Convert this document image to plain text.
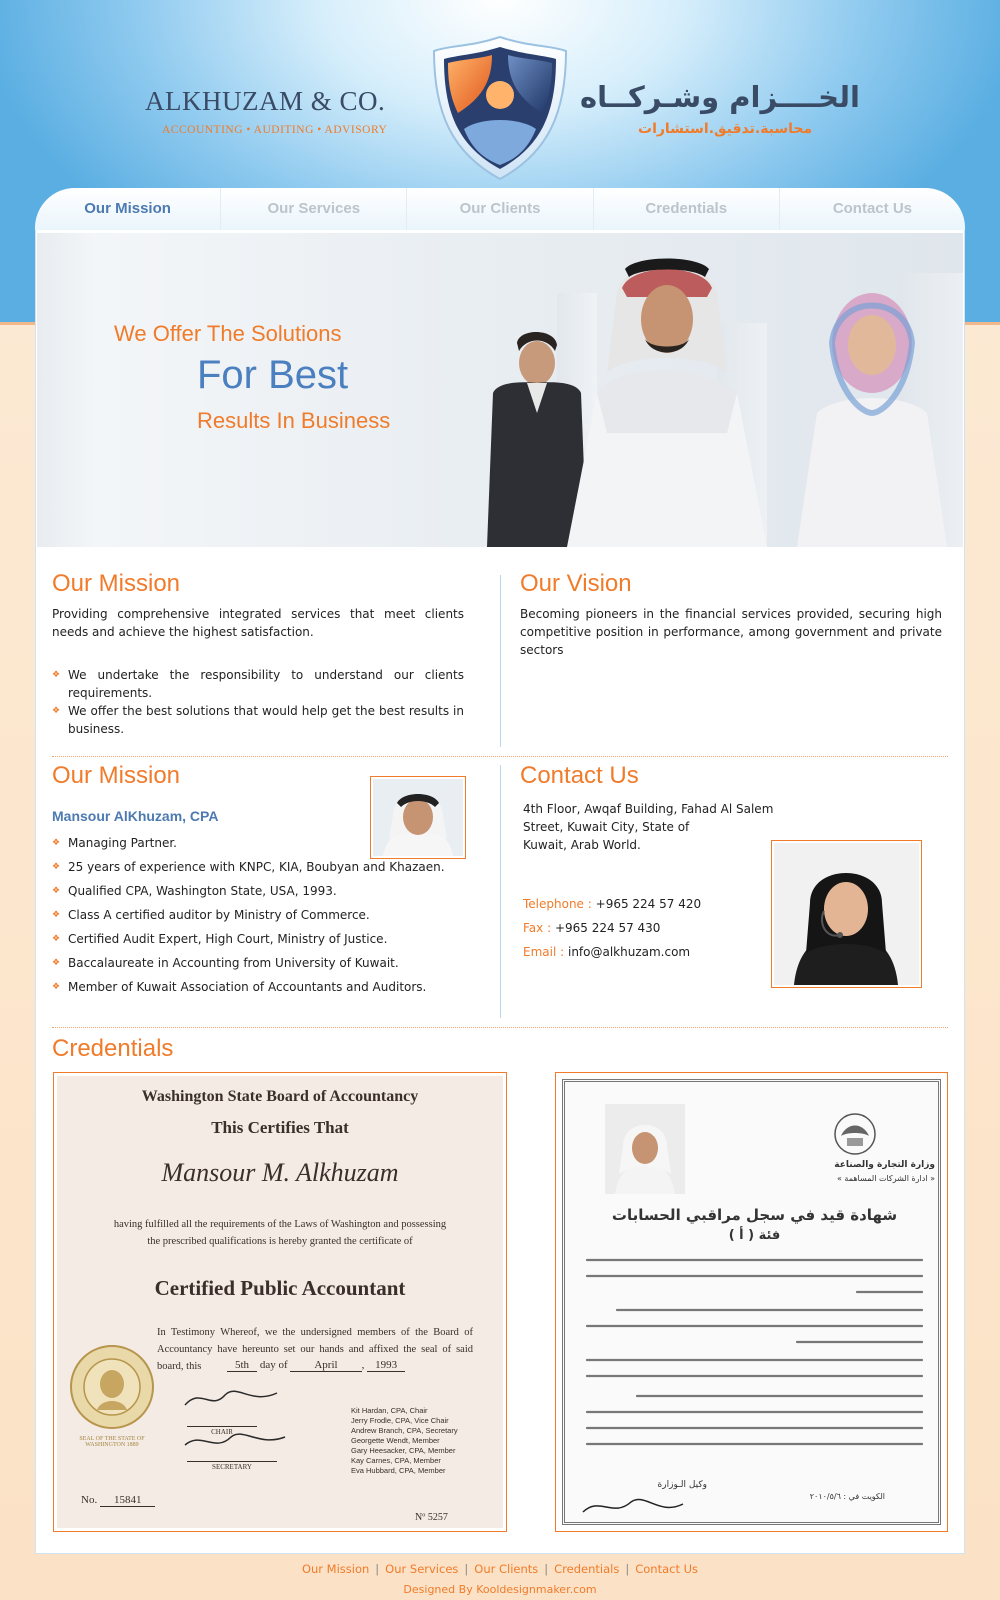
ALKHUZAM & CO.
ACCOUNTING • AUDITING • ADVISORY
الخــــزام وشـركــاه
محاسبة.تدقيق.استشارات
Our Mission	Our Services	Our Clients	Credentials	Contact Us
We Offer The Solutions
For Best
Results In Business
Our Mission
Providing comprehensive integrated services that meet clients needs and achieve the highest satisfaction.
❖ We undertake the responsibility to understand our clients requirements.
❖ We offer the best solutions that would help get the best results in business.
Our Vision
Becoming pioneers in the financial services provided, securing high competitive position in performance, among government and private sectors
Our Mission
Mansour AlKhuzam, CPA
❖ Managing Partner.
❖ 25 years of experience with KNPC, KIA, Boubyan and Khazaen.
❖ Qualified CPA, Washington State, USA, 1993.
❖ Class A certified auditor by Ministry of Commerce.
❖ Certified Audit Expert, High Court, Ministry of Justice.
❖ Baccalaureate in Accounting from University of Kuwait.
❖ Member of Kuwait Association of Accountants and Auditors.
Contact Us
4th Floor, Awqaf Building, Fahad Al Salem
Street, Kuwait City, State of
Kuwait, Arab World.
Telephone : +965 224 57 420
Fax : +965 224 57 430
Email : info@alkhuzam.com
Credentials
Washington State Board of Accountancy
This Certifies That
Mansour M. Alkhuzam
having fulfilled all the requirements of the Laws of Washington and possessing the prescribed qualifications is hereby granted the certificate of
Certified Public Accountant
In Testimony Whereof, we the undersigned members of the Board of Accountancy have hereunto set our hands and affixed the seal of said board, this	5th day of April , 1993
SEAL OF THE STATE OF WASHINGTON 1889
CHAIR
SECRETARY
Kit Hardan, CPA, Chair
Jerry Frodle, CPA, Vice Chair
Andrew Branch, CPA, Secretary
Georgette Wendt, Member
Gary Heesacker, CPA, Member
Kay Carnes, CPA, Member
Eva Hubbard, CPA, Member
No. 15841
Nº 5257
وزارة التجارة والصناعة
« ادارة الشركات المساهمة »
شهادة قيد في سجل مراقبي الحسابات
فئة ( أ )
الكويت في : ٢٠١٠/٥/٦
وكيل الـوزارة
Our Mission | Our Services | Our Clients | Credentials | Contact Us
Designed By Kooldesignmaker.com
